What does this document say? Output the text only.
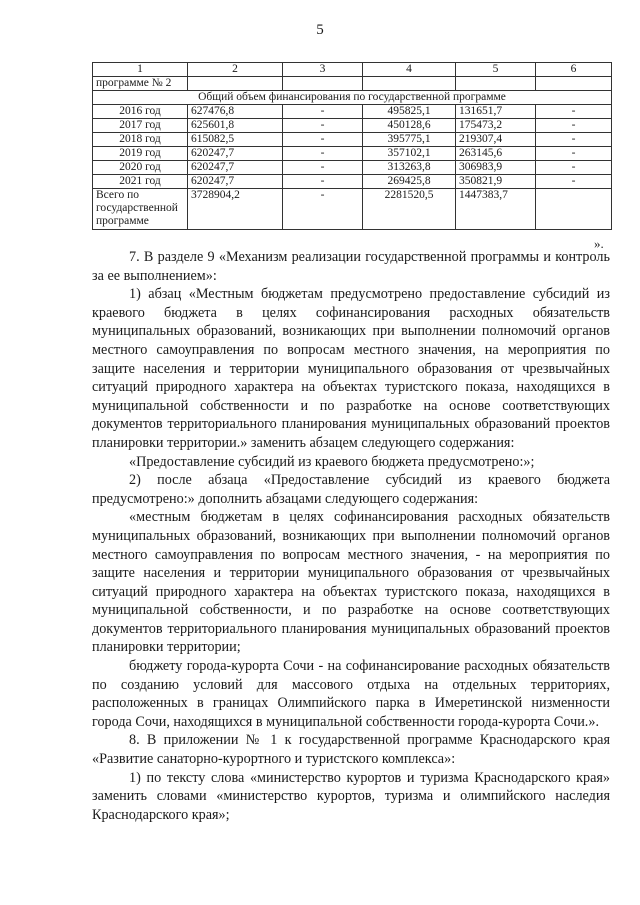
5
1	2	3	4	5	6
программе № 2					
Общий объем финансирования по государственной программе					
2016 год	627476,8	-	495825,1	131651,7	-
2017 год	625601,8	-	450128,6	175473,2	-
2018 год	615082,5	-	395775,1	219307,4	-
2019 год	620247,7	-	357102,1	263145,6	-
2020 год	620247,7	-	313263,8	306983,9	-
2021 год	620247,7	-	269425,8	350821,9	-
Всего по государственной программе	3728904,2	-	2281520,5	1447383,7	
».

7. В разделе 9 «Механизм реализации государственной программы и контроль за ее выполнением»:

1) абзац «Местным бюджетам предусмотрено предоставление субсидий из краевого бюджета в целях софинансирования расходных обязательств муниципальных образований, возникающих при выполнении полномочий органов местного самоуправления по вопросам местного значения, на мероприятия по защите населения и территории муниципального образования от чрезвычайных ситуаций природного характера на объектах туристского показа, находящихся в муниципальной собственности и по разработке на основе соответствующих документов территориального планирования муниципальных образований проектов планировки территории.» заменить абзацем следующего содержания:

«Предоставление субсидий из краевого бюджета предусмотрено:»;

2) после абзаца «Предоставление субсидий из краевого бюджета предусмотрено:» дополнить абзацами следующего содержания:

«местным бюджетам в целях софинансирования расходных обязательств муниципальных образований, возникающих при выполнении полномочий органов местного самоуправления по вопросам местного значения, - на мероприятия по защите населения и территории муниципального образования от чрезвычайных ситуаций природного характера на объектах туристского показа, находящихся в муниципальной собственности, и по разработке на основе соответствующих документов территориального планирования муниципальных образований проектов планировки территории;

бюджету города-курорта Сочи - на софинансирование расходных обязательств по созданию условий для массового отдыха на отдельных территориях, расположенных в границах Олимпийского парка в Имеретинской низменности города Сочи, находящихся в муниципальной собственности города-курорта Сочи.».

8. В приложении № 1 к государственной программе Краснодарского края «Развитие санаторно-курортного и туристского комплекса»:

1) по тексту слова «министерство курортов и туризма Краснодарского края» заменить словами «министерство курортов, туризма и олимпийского наследия Краснодарского края»;
